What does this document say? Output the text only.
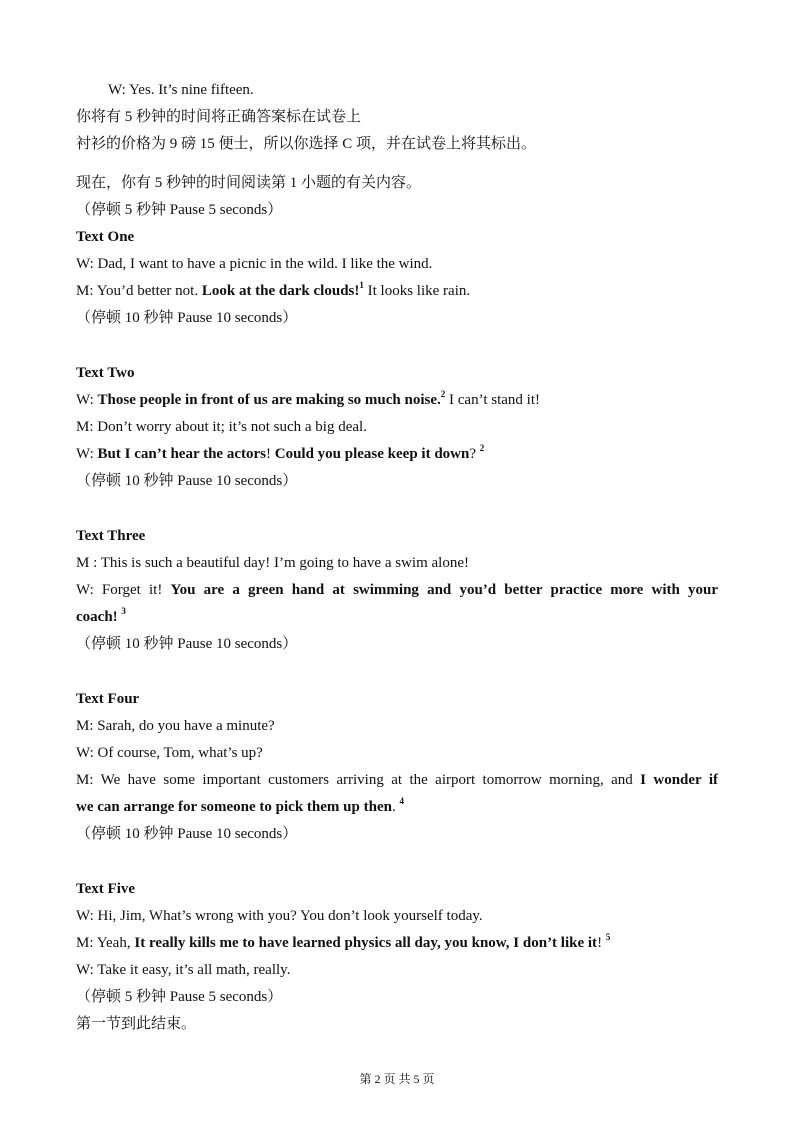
W: Yes. It’s nine fifteen.
你将有 5 秒钟的时间将正确答案标在试卷上
衬衫的价格为 9 磅 15 便士，所以你选择 C 项，并在试卷上将其标出。
现在，你有 5 秒钟的时间阅读第 1 小题的有关内容。
（停顿 5 秒钟 Pause 5 seconds）
Text One
W: Dad, I want to have a picnic in the wild. I like the wind.
M: You’d better not. Look at the dark clouds!$^1$ It looks like rain.
（停顿 10 秒钟 Pause 10 seconds）
Text Two
W: Those people in front of us are making so much noise.$^2$ I can’t stand it!
M: Don’t worry about it; it’s not such a big deal.
W: But I can’t hear the actors! Could you please keep it down? $^2$
（停顿 10 秒钟 Pause 10 seconds）
Text Three
M : This is such a beautiful day! I’m going to have a swim alone!
W: Forget it! You are a green hand at swimming and you’d better practice more with your
coach! $^3$
（停顿 10 秒钟 Pause 10 seconds）
Text Four
M: Sarah, do you have a minute?
W: Of course, Tom, what’s up?
M: We have some important customers arriving at the airport tomorrow morning, and I wonder if
we can arrange for someone to pick them up then. $^4$
（停顿 10 秒钟 Pause 10 seconds）
Text Five
W: Hi, Jim, What’s wrong with you? You don’t look yourself today.
M: Yeah, It really kills me to have learned physics all day, you know, I don’t like it! $^5$
W: Take it easy, it’s all math, really.
（停顿 5 秒钟 Pause 5 seconds）
第一节到此结束。
第 2 页 共 5 页
